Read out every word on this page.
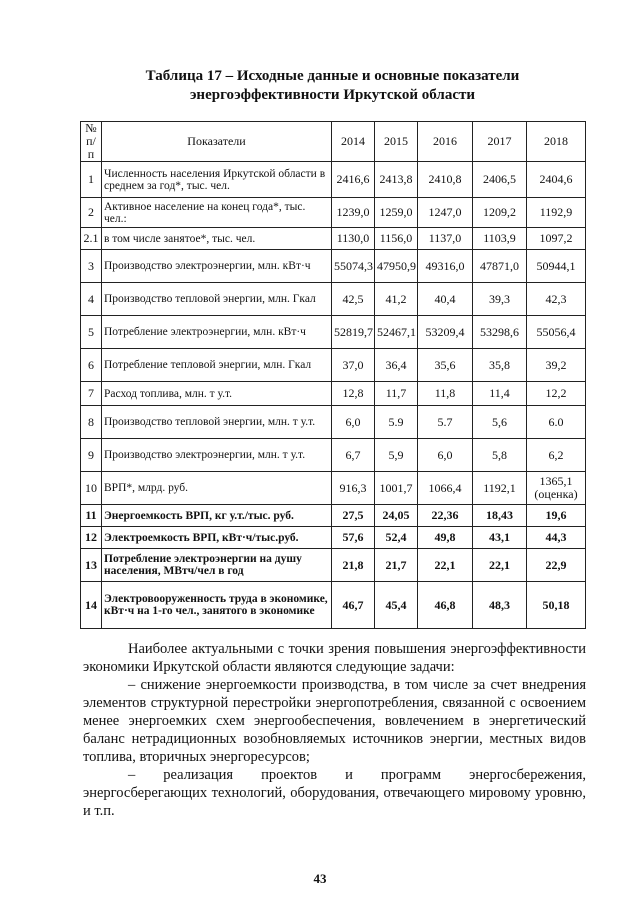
Таблица 17 – Исходные данные и основные показатели
энергоэффективности Иркутской области
№ п/п	Показатели	2014	2015	2016	2017	2018
1	Численность населения Иркутской области в среднем за год*, тыс. чел.	2416,6	2413,8	2410,8	2406,5	2404,6
2	Активное население на конец года*, тыс. чел.:	1239,0	1259,0	1247,0	1209,2	1192,9
2.1	в том числе занятое*, тыс. чел.	1130,0	1156,0	1137,0	1103,9	1097,2
3	Производство электроэнергии, млн. кВт·ч	55074,3	47950,9	49316,0	47871,0	50944,1
4	Производство тепловой энергии, млн. Гкал	42,5	41,2	40,4	39,3	42,3
5	Потребление электроэнергии, млн. кВт·ч	52819,7	52467,1	53209,4	53298,6	55056,4
6	Потребление тепловой энергии, млн. Гкал	37,0	36,4	35,6	35,8	39,2
7	Расход топлива, млн. т у.т.	12,8	11,7	11,8	11,4	12,2
8	Производство тепловой энергии, млн. т у.т.	6,0	5.9	5.7	5,6	6.0
9	Производство электроэнергии, млн. т у.т.	6,7	5,9	6,0	5,8	6,2
10	ВРП*, млрд. руб.	916,3	1001,7	1066,4	1192,1	1365,1 (оценка)
11	Энергоемкость ВРП, кг у.т./тыс. руб.	27,5	24,05	22,36	18,43	19,6
12	Электроемкость ВРП, кВт·ч/тыс.руб.	57,6	52,4	49,8	43,1	44,3
13	Потребление электроэнергии на душу населения, МВтч/чел в год	21,8	21,7	22,1	22,1	22,9
14	Электровооруженность труда в экономике, кВт·ч на 1-го чел., занятого в экономике	46,7	45,4	46,8	48,3	50,18
Наиболее актуальными с точки зрения повышения энергоэффективности экономики Иркутской области являются следующие задачи:
– снижение энергоемкости производства, в том числе за счет внедрения элементов структурной перестройки энергопотребления, связанной с освоением менее энергоемких схем энергообеспечения, вовлечением в энергетический баланс нетрадиционных возобновляемых источников энергии, местных видов топлива, вторичных энергоресурсов;
– реализация проектов и программ энергосбережения, энергосберегающих технологий, оборудования, отвечающего мировому уровню, и т.п.
43
